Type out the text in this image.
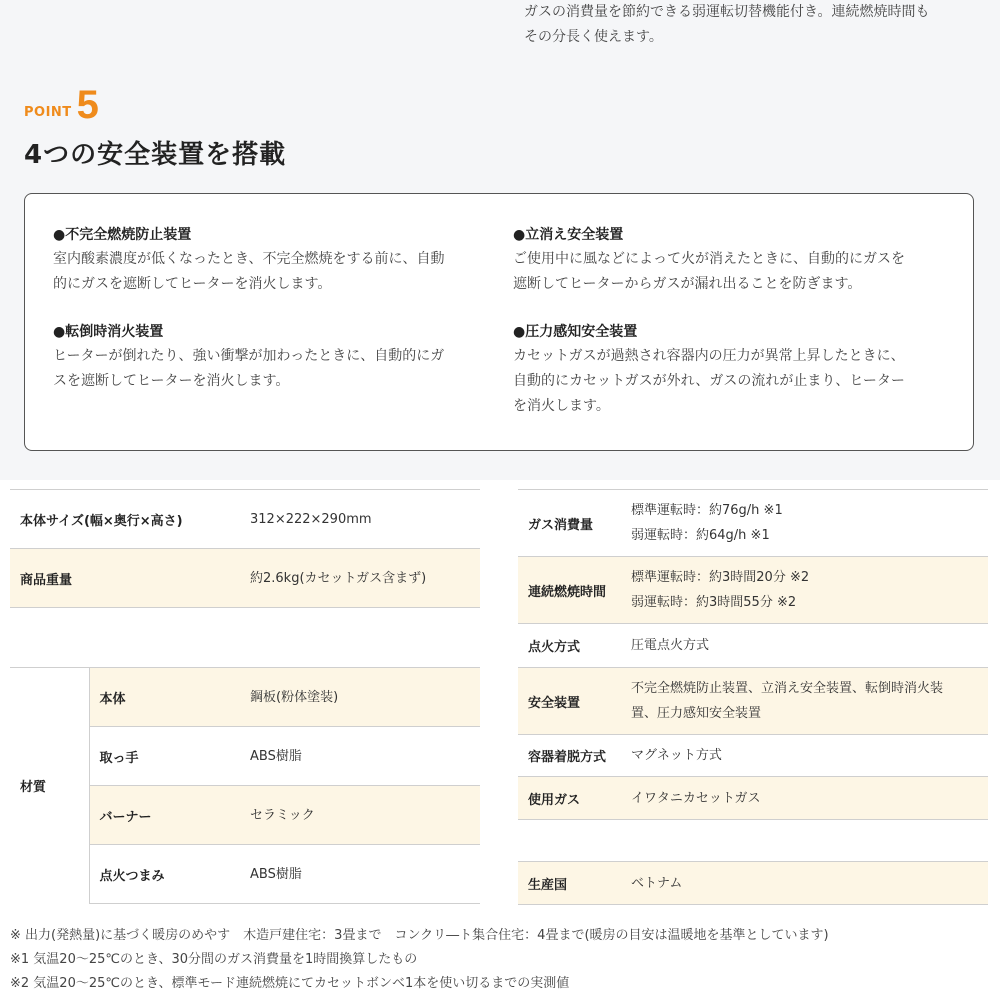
ガスの消費量を節約できる弱運転切替機能付き。連続燃焼時間も
その分長く使えます。
POINT 5
4つの安全装置を搭載
● 不完全燃焼防止装置
室内酸素濃度が低くなったとき、不完全燃焼をする前に、自動
的にガスを遮断してヒーターを消火します。
● 立消え安全装置
ご使用中に風などによって火が消えたときに、自動的にガスを
遮断してヒーターからガスが漏れ出ることを防ぎます。
● 転倒時消火装置
ヒーターが倒れたり、強い衝撃が加わったときに、自動的にガ
スを遮断してヒーターを消火します。
● 圧力感知安全装置
カセットガスが過熱され容器内の圧力が異常上昇したときに、
自動的にカセットガスが外れ、ガスの流れが止まり、ヒーター
を消火します。
本体サイズ(幅×奥行×高さ)		312×222×290mm
商品重量		約2.6kg(カセットガス含まず)

材質	本体	鋼板(粉体塗装)
	取っ手	ABS樹脂
	バーナー	セラミック
	点火つまみ	ABS樹脂
ガス消費量	標準運転時：約76g/h ※1
弱運転時：約64g/h ※1

連続燃焼時間	標準運転時：約3時間20分 ※2
弱運転時：約3時間55分 ※2

点火方式	圧電点火方式
安全装置	不完全燃焼防止装置、立消え安全装置、転倒時消火装
置、圧力感知安全装置

容器着脱方式	マグネット方式
使用ガス	イワタニカセットガス

生産国	ベトナム
※ 出力(発熱量)に基づく暖房のめやす　木造戸建住宅：3畳まで　コンクリ―ト集合住宅：4畳まで(暖房の目安は温暖地を基準としています)
※1 気温20～25℃のとき、30分間のガス消費量を1時間換算したもの
※2 気温20～25℃のとき、標準モード連続燃焼にてカセットボンベ1本を使い切るまでの実測値
